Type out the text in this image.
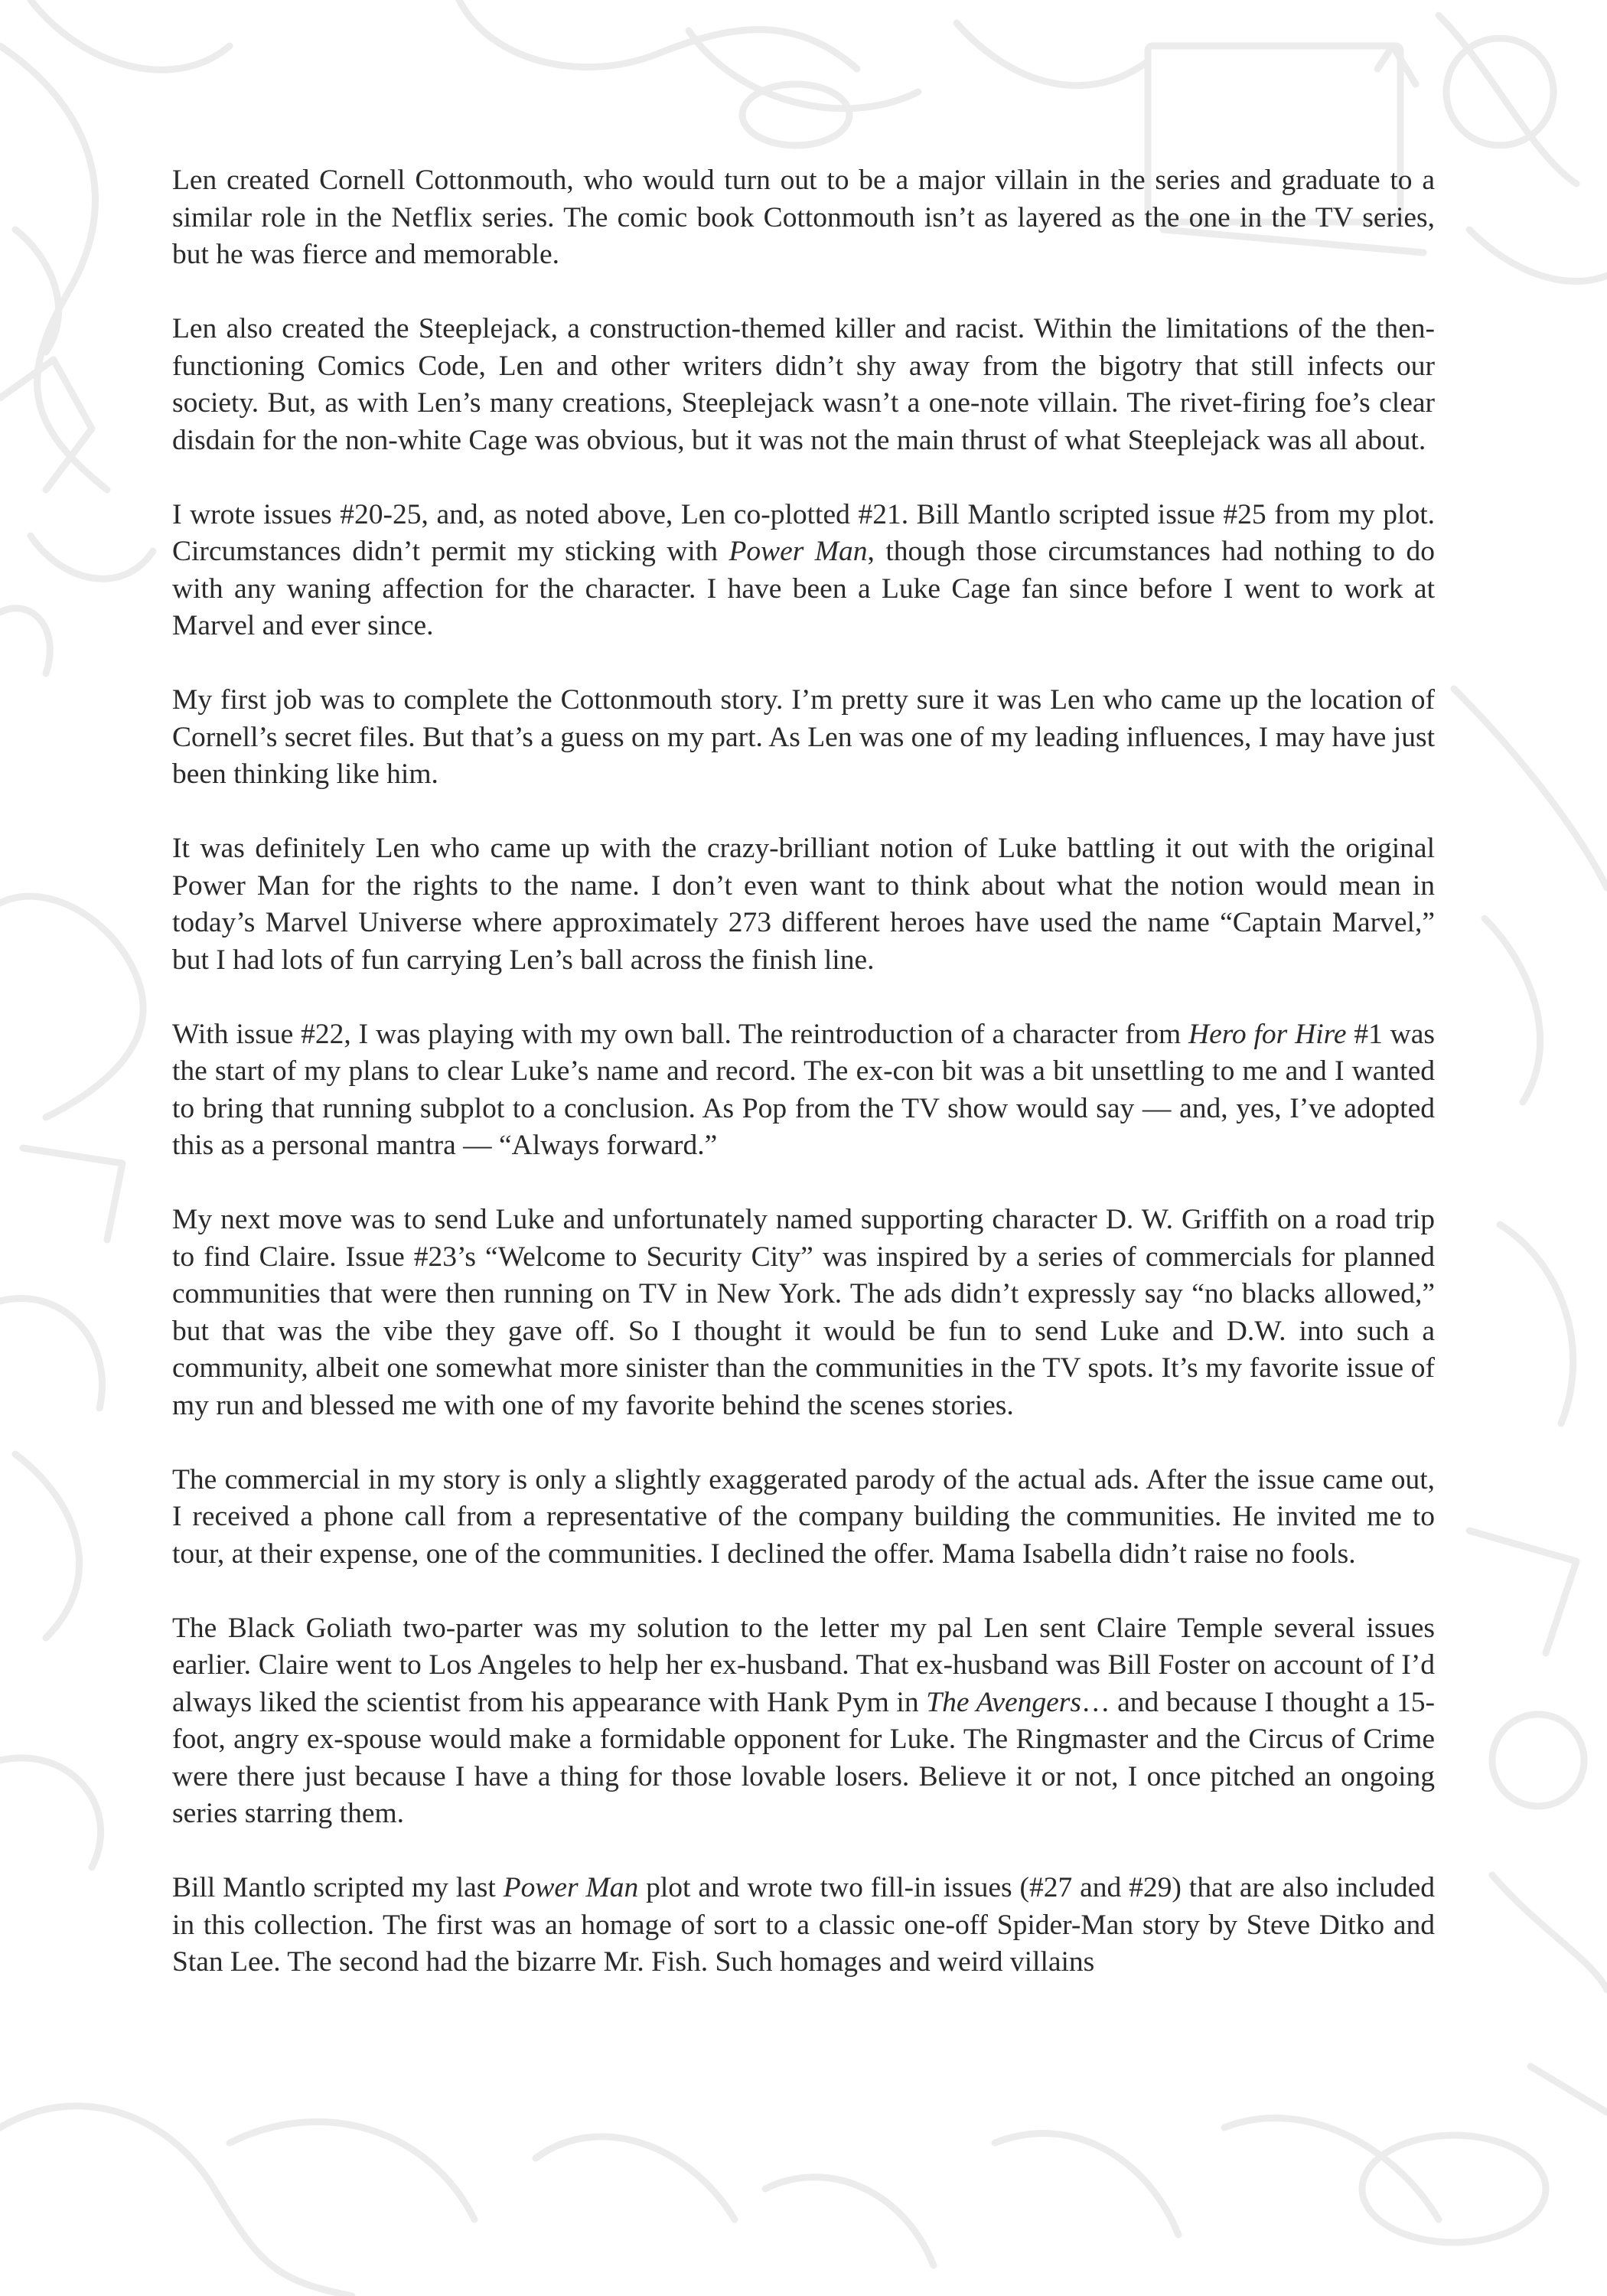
Len created Cornell Cottonmouth, who would turn out to be a major villain in the series and graduate to a similar role in the Netflix series. The comic book Cottonmouth isn’t as layered as the one in the TV series, but he was fierce and memorable.

Len also created the Steeplejack, a construction-themed killer and racist. Within the limitations of the then-functioning Comics Code, Len and other writers didn’t shy away from the bigotry that still infects our society. But, as with Len’s many creations, Steeplejack wasn’t a one-note villain. The rivet-firing foe’s clear disdain for the non-white Cage was obvious, but it was not the main thrust of what Steeplejack was all about.

I wrote issues #20-25, and, as noted above, Len co-plotted #21. Bill Mantlo scripted issue #25 from my plot. Circumstances didn’t permit my sticking with Power Man, though those circumstances had nothing to do with any waning affection for the character. I have been a Luke Cage fan since before I went to work at Marvel and ever since.

My first job was to complete the Cottonmouth story. I’m pretty sure it was Len who came up the location of Cornell’s secret files. But that’s a guess on my part. As Len was one of my leading influences, I may have just been thinking like him.

It was definitely Len who came up with the crazy-brilliant notion of Luke battling it out with the original Power Man for the rights to the name. I don’t even want to think about what the notion would mean in today’s Marvel Universe where approximately 273 different heroes have used the name “Captain Marvel,” but I had lots of fun carrying Len’s ball across the finish line.

With issue #22, I was playing with my own ball. The reintroduction of a character from Hero for Hire #1 was the start of my plans to clear Luke’s name and record. The ex-con bit was a bit unsettling to me and I wanted to bring that running subplot to a conclusion. As Pop from the TV show would say — and, yes, I’ve adopted this as a personal mantra — “Always forward.”

My next move was to send Luke and unfortunately named supporting character D. W. Griffith on a road trip to find Claire. Issue #23’s “Welcome to Security City” was inspired by a series of commercials for planned communities that were then running on TV in New York. The ads didn’t expressly say “no blacks allowed,” but that was the vibe they gave off. So I thought it would be fun to send Luke and D.W. into such a community, albeit one somewhat more sinister than the communities in the TV spots. It’s my favorite issue of my run and blessed me with one of my favorite behind the scenes stories.

The commercial in my story is only a slightly exaggerated parody of the actual ads. After the issue came out, I received a phone call from a representative of the company building the communities. He invited me to tour, at their expense, one of the communities. I declined the offer. Mama Isabella didn’t raise no fools.

The Black Goliath two-parter was my solution to the letter my pal Len sent Claire Temple several issues earlier. Claire went to Los Angeles to help her ex-husband. That ex-husband was Bill Foster on account of I’d always liked the scientist from his appearance with Hank Pym in The Avengers… and because I thought a 15-foot, angry ex-spouse would make a formidable opponent for Luke. The Ringmaster and the Circus of Crime were there just because I have a thing for those lovable losers. Believe it or not, I once pitched an ongoing series starring them.

Bill Mantlo scripted my last Power Man plot and wrote two fill-in issues (#27 and #29) that are also included in this collection. The first was an homage of sort to a classic one-off Spider-Man story by Steve Ditko and Stan Lee. The second had the bizarre Mr. Fish. Such homages and weird villains
